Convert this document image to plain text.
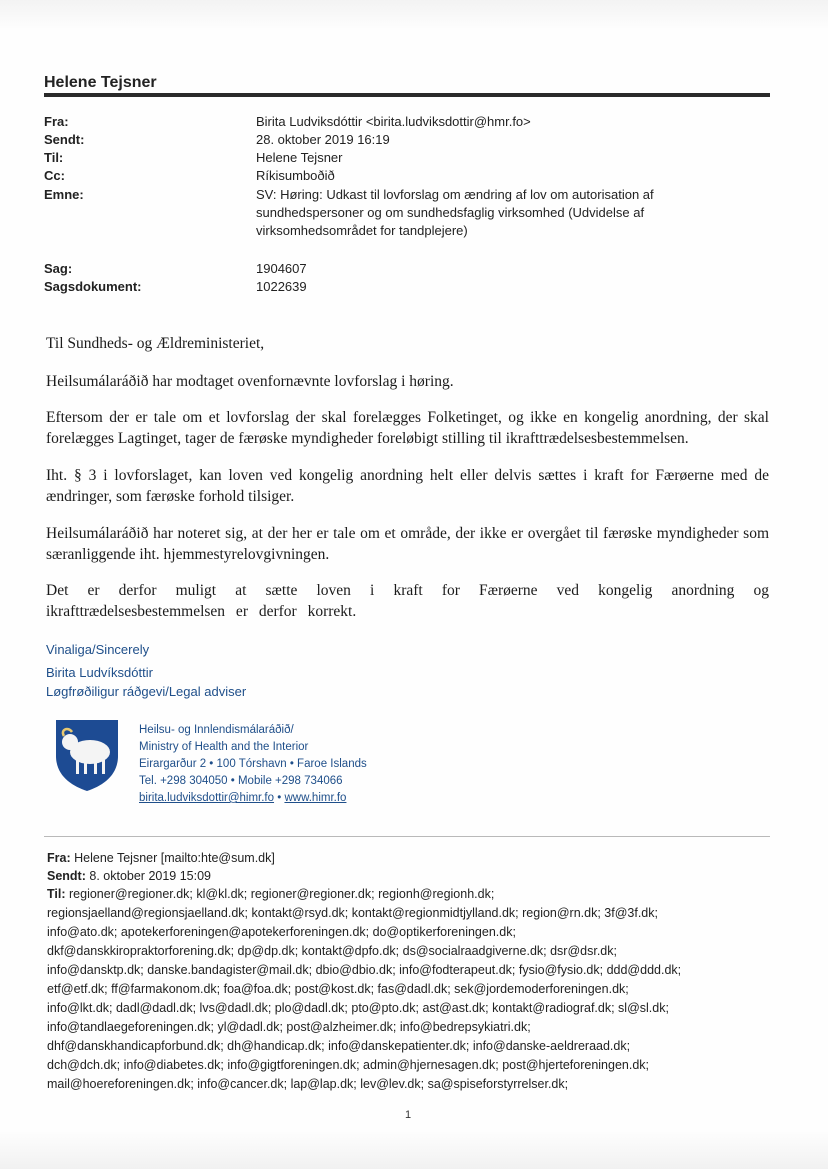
Helene Tejsner
Fra:	Birita Ludviksdóttir <birita.ludviksdottir@hmr.fo>
Sendt:	28. oktober 2019 16:19
Til:	Helene Tejsner
Cc:	Ríkisumboðið
Emne:	SV: Høring: Udkast til lovforslag om ændring af lov om autorisation af sundhedspersoner og om sundhedsfaglig virksomhed (Udvidelse af virksomhedsområdet for tandplejere)
Sag:	1904607
Sagsdokument:	1022639
Til Sundheds- og Ældreministeriet,
Heilsumálaráðið har modtaget ovenfornævnte lovforslag i høring.
Eftersom der er tale om et lovforslag der skal forelægges Folketinget, og ikke en kongelig anordning, der skal forelægges Lagtinget, tager de færøske myndigheder foreløbigt stilling til ikrafttrædelsesbestemmelsen.
Iht. § 3 i lovforslaget, kan loven ved kongelig anordning helt eller delvis sættes i kraft for Færøerne med de ændringer, som færøske forhold tilsiger.
Heilsumálaráðið har noteret sig, at der her er tale om et område, der ikke er overgået til færøske myndigheder som særanliggende iht. hjemmestyrelovgivningen.
Det er derfor muligt at sætte loven i kraft for Færøerne ved kongelig anordning og ikrafttrædelsesbestemmelsen er derfor korrekt.
Vinaliga/Sincerely
Birita Ludvíksdóttir
Løgfrøðiligur ráðgevi/Legal adviser
Heilsu- og Innlendismálaráðið/
Ministry of Health and the Interior
Eirargarður 2 • 100 Tórshavn • Faroe Islands
Tel. +298 304050 • Mobile +298 734066
birita.ludviksdottir@himr.fo • www.himr.fo
Fra: Helene Tejsner [mailto:hte@sum.dk]
Sendt: 8. oktober 2019 15:09
Til: regioner@regioner.dk; kl@kl.dk; regioner@regioner.dk; regionh@regionh.dk;
regionsjaelland@regionsjaelland.dk; kontakt@rsyd.dk; kontakt@regionmidtjylland.dk; region@rn.dk; 3f@3f.dk;
info@ato.dk; apotekerforeningen@apotekerforeningen.dk; do@optikerforeningen.dk;
dkf@danskkiropraktorforening.dk; dp@dp.dk; kontakt@dpfo.dk; ds@socialraadgiverne.dk; dsr@dsr.dk;
info@dansktp.dk; danske.bandagister@mail.dk; dbio@dbio.dk; info@fodterapeut.dk; fysio@fysio.dk; ddd@ddd.dk;
etf@etf.dk; ff@farmakonom.dk; foa@foa.dk; post@kost.dk; fas@dadl.dk; sek@jordemoderforeningen.dk;
info@lkt.dk; dadl@dadl.dk; lvs@dadl.dk; plo@dadl.dk; pto@pto.dk; ast@ast.dk; kontakt@radiograf.dk; sl@sl.dk;
info@tandlaegeforeningen.dk; yl@dadl.dk; post@alzheimer.dk; info@bedrepsykiatri.dk;
dhf@danskhandicapforbund.dk; dh@handicap.dk; info@danskepatienter.dk; info@danske-aeldreraad.dk;
dch@dch.dk; info@diabetes.dk; info@gigtforeningen.dk; admin@hjernesagen.dk; post@hjerteforeningen.dk;
mail@hoereforeningen.dk; info@cancer.dk; lap@lap.dk; lev@lev.dk; sa@spiseforstyrrelser.dk;
1
